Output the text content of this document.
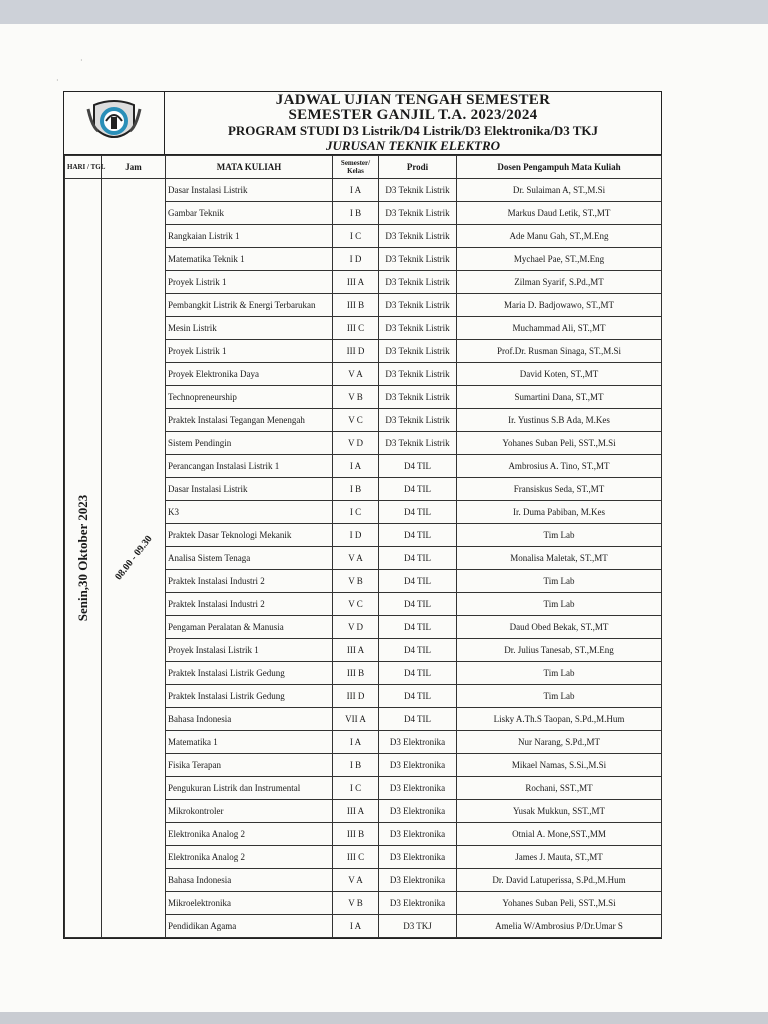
·
·
JADWAL UJIAN TENGAH SEMESTER
SEMESTER GANJIL T.A. 2023/2024
PROGRAM STUDI D3 Listrik/D4 Listrik/D3 Elektronika/D3 TKJ
JURUSAN TEKNIK ELEKTRO
HARI / TGL	Jam	MATA KULIAH	Semester/ Kelas	Prodi	Dosen Pengampuh Mata Kuliah

Senin,30 Oktober 2023	08.00 - 09.30	Dasar Instalasi Listrik	I A	D3 Teknik Listrik	Dr. Sulaiman A, ST.,M.Si
		Gambar Teknik	I B	D3 Teknik Listrik	Markus Daud Letik, ST.,MT
		Rangkaian Listrik 1	I C	D3 Teknik Listrik	Ade Manu Gah, ST.,M.Eng
		Matematika Teknik 1	I D	D3 Teknik Listrik	Mychael Pae, ST.,M.Eng
		Proyek Listrik 1	III A	D3 Teknik Listrik	Zilman Syarif, S.Pd.,MT
		Pembangkit Listrik & Energi Terbarukan	III B	D3 Teknik Listrik	Maria D. Badjowawo, ST.,MT
		Mesin Listrik	III C	D3 Teknik Listrik	Muchammad Ali, ST.,MT
		Proyek Listrik 1	III D	D3 Teknik Listrik	Prof.Dr. Rusman Sinaga, ST.,M.Si
		Proyek Elektronika Daya	V A	D3 Teknik Listrik	David Koten, ST.,MT
		Technopreneurship	V B	D3 Teknik Listrik	Sumartini Dana, ST.,MT
		Praktek Instalasi Tegangan Menengah	V C	D3 Teknik Listrik	Ir. Yustinus S.B Ada, M.Kes
		Sistem Pendingin	V D	D3 Teknik Listrik	Yohanes Suban Peli, SST.,M.Si
		Perancangan Instalasi Listrik 1	I A	D4 TIL	Ambrosius A. Tino, ST.,MT
		Dasar Instalasi Listrik	I B	D4 TIL	Fransiskus Seda, ST.,MT
		K3	I C	D4 TIL	Ir. Duma Pabiban, M.Kes
		Praktek Dasar Teknologi Mekanik	I D	D4 TIL	Tim Lab
		Analisa Sistem Tenaga	V A	D4 TIL	Monalisa Maletak, ST.,MT
		Praktek Instalasi Industri 2	V B	D4 TIL	Tim Lab
		Praktek Instalasi Industri 2	V C	D4 TIL	Tim Lab
		Pengaman Peralatan & Manusia	V D	D4 TIL	Daud Obed Bekak, ST.,MT
		Proyek Instalasi Listrik 1	III A	D4 TIL	Dr. Julius Tanesab, ST.,M.Eng
		Praktek Instalasi Listrik Gedung	III B	D4 TIL	Tim Lab
		Praktek Instalasi Listrik Gedung	III D	D4 TIL	Tim Lab
		Bahasa Indonesia	VII A	D4 TIL	Lisky A.Th.S Taopan, S.Pd.,M.Hum
		Matematika 1	I A	D3 Elektronika	Nur Narang, S.Pd.,MT
		Fisika Terapan	I B	D3 Elektronika	Mikael Namas, S.Si.,M.Si
		Pengukuran Listrik dan Instrumental	I C	D3 Elektronika	Rochani, SST.,MT
		Mikrokontroler	III A	D3 Elektronika	Yusak Mukkun, SST.,MT
		Elektronika Analog 2	III B	D3 Elektronika	Otnial A. Mone,SST.,MM
		Elektronika Analog 2	III C	D3 Elektronika	James J. Mauta, ST.,MT
		Bahasa Indonesia	V A	D3 Elektronika	Dr. David Latuperissa, S.Pd.,M.Hum
		Mikroelektronika	V B	D3 Elektronika	Yohanes Suban Peli, SST.,M.Si
		Pendidikan Agama	I A	D3 TKJ	Amelia W/Ambrosius P/Dr.Umar S
